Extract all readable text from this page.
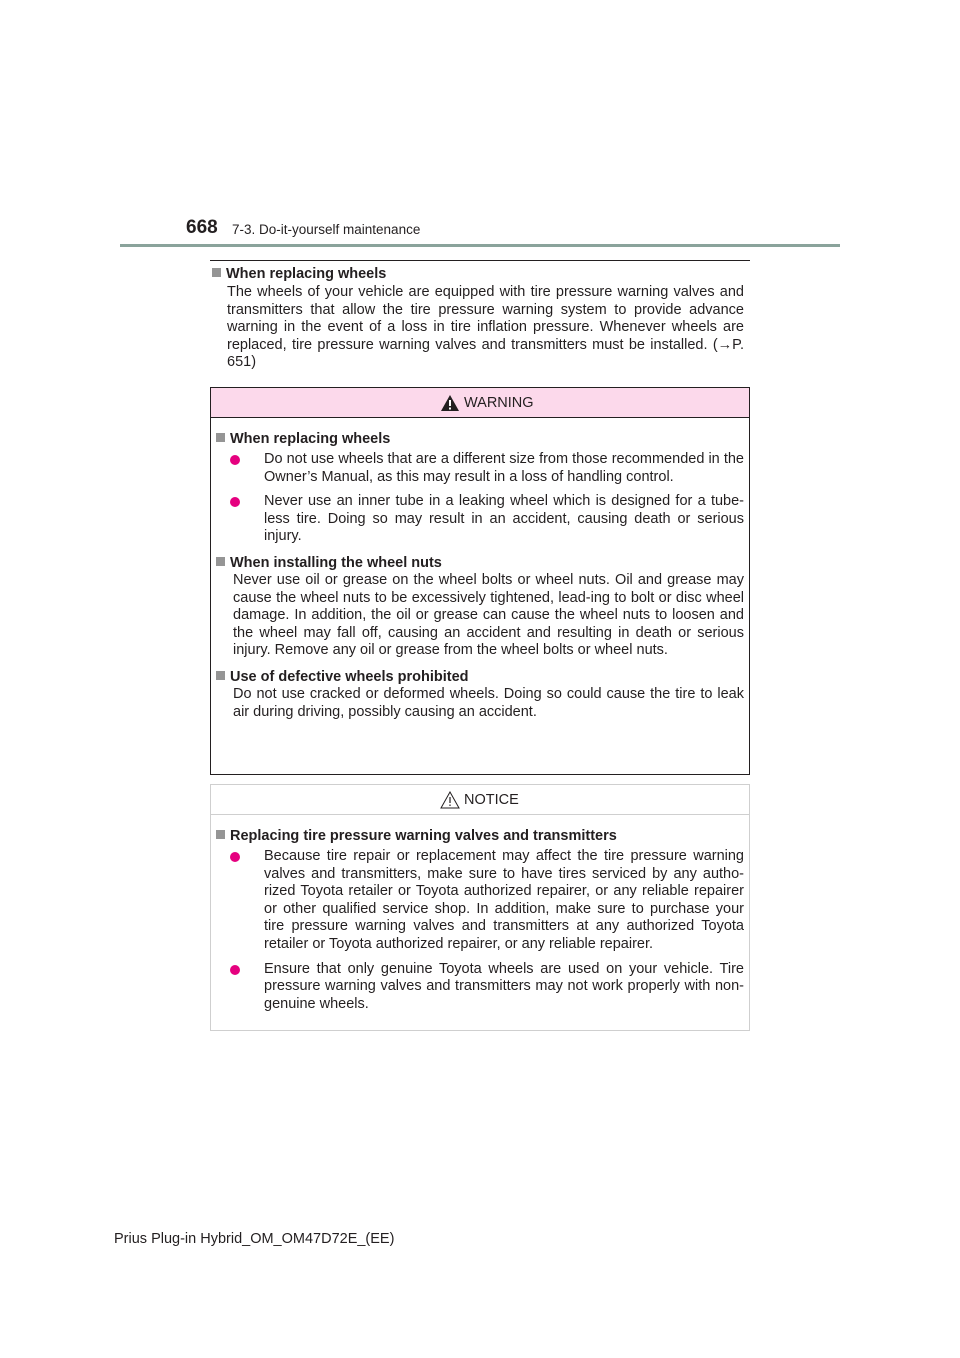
668 7-3. Do-it-yourself maintenance
When replacing wheels
The wheels of your vehicle are equipped with tire pressure warning valves and transmitters that allow the tire pressure warning system to provide advance warning in the event of a loss in tire inflation pressure. Whenever wheels are replaced, tire pressure warning valves and transmitters must be installed. (→P. 651)
WARNING
When replacing wheels
Do not use wheels that are a different size from those recommended in the Owner’s Manual, as this may result in a loss of handling control.
Never use an inner tube in a leaking wheel which is designed for a tube-less tire. Doing so may result in an accident, causing death or serious injury.
When installing the wheel nuts
Never use oil or grease on the wheel bolts or wheel nuts. Oil and grease may cause the wheel nuts to be excessively tightened, lead-ing to bolt or disc wheel damage. In addition, the oil or grease can cause the wheel nuts to loosen and the wheel may fall off, causing an accident and resulting in death or serious injury. Remove any oil or grease from the wheel bolts or wheel nuts.
Use of defective wheels prohibited
Do not use cracked or deformed wheels. Doing so could cause the tire to leak air during driving, possibly causing an accident.
NOTICE
Replacing tire pressure warning valves and transmitters
Because tire repair or replacement may affect the tire pressure warning valves and transmitters, make sure to have tires serviced by any autho-rized Toyota retailer or Toyota authorized repairer, or any reliable repairer or other qualified service shop. In addition, make sure to purchase your tire pressure warning valves and transmitters at any authorized Toyota retailer or Toyota authorized repairer, or any reliable repairer.
Ensure that only genuine Toyota wheels are used on your vehicle. Tire pressure warning valves and transmitters may not work properly with non-genuine wheels.
Prius Plug-in Hybrid_OM_OM47D72E_(EE)
